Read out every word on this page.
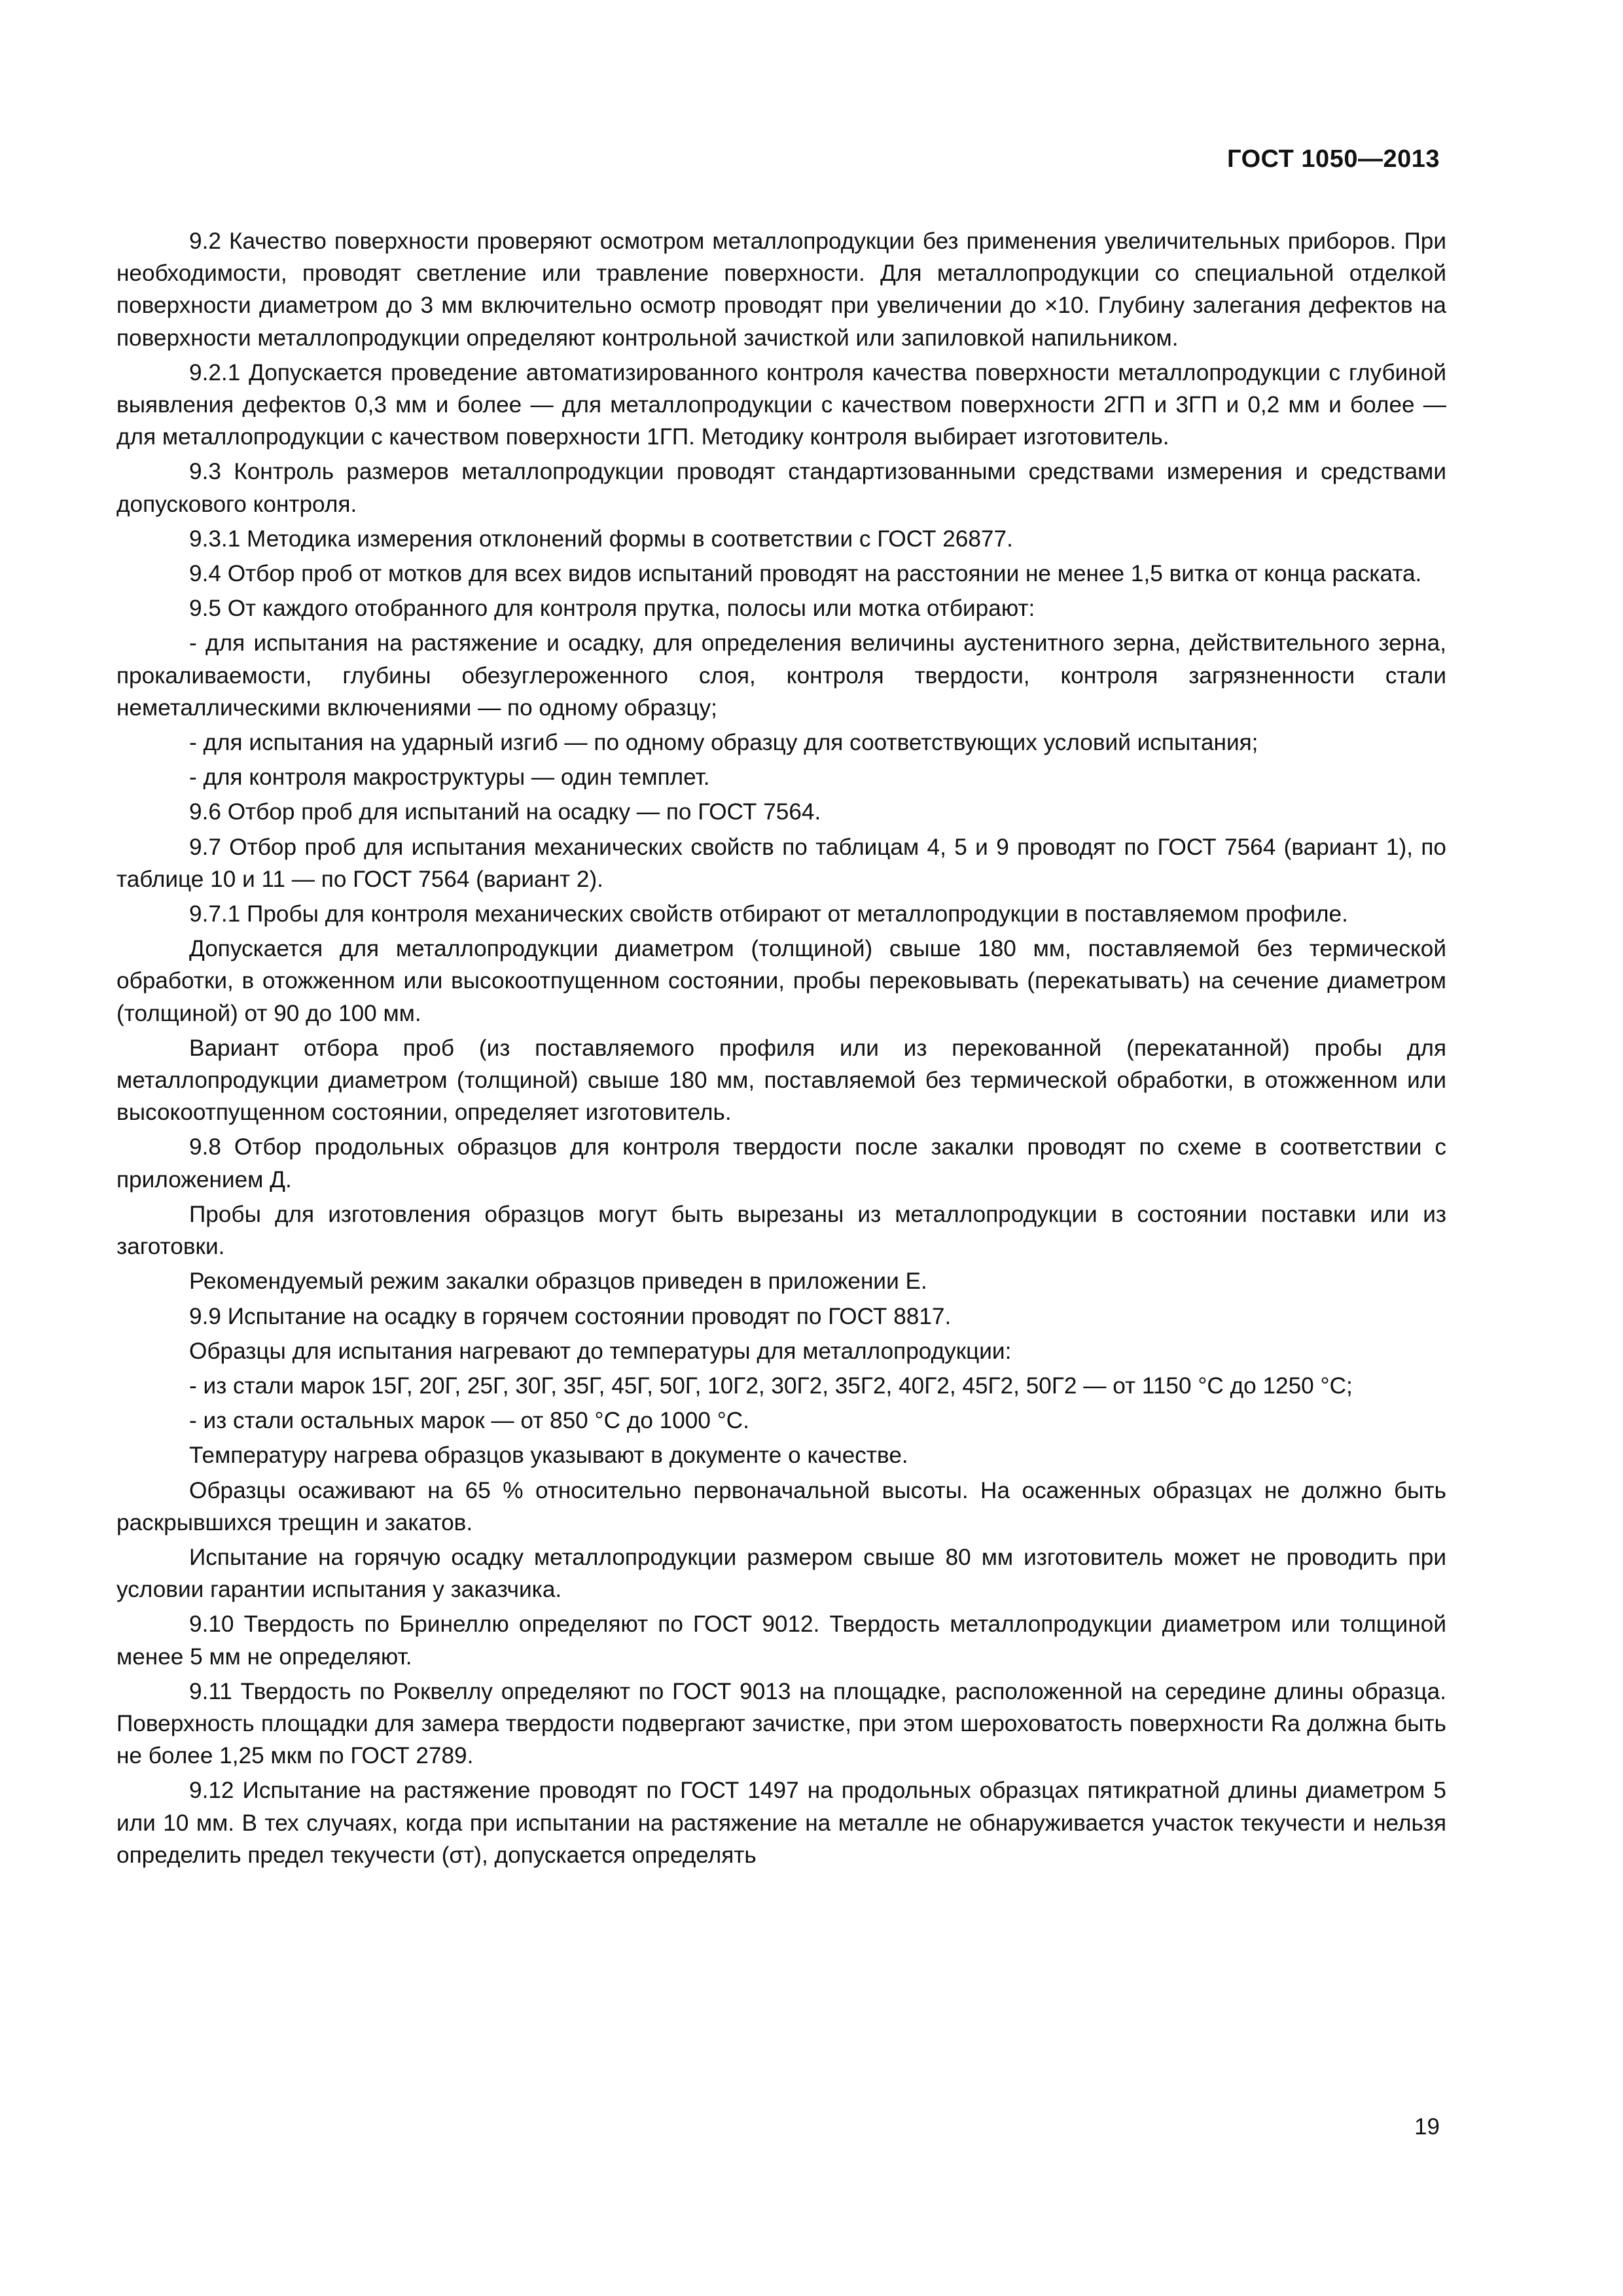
ГОСТ 1050—2013

9.2 Качество поверхности проверяют осмотром металлопродукции без применения увеличительных приборов. При необходимости, проводят светление или травление поверхности. Для металлопродукции со специальной отделкой поверхности диаметром до 3 мм включительно осмотр проводят при увеличении до ×10. Глубину залегания дефектов на поверхности металлопродукции определяют контрольной зачисткой или запиловкой напильником.

9.2.1 Допускается проведение автоматизированного контроля качества поверхности металлопродукции с глубиной выявления дефектов 0,3 мм и более — для металлопродукции с качеством поверхности 2ГП и 3ГП и 0,2 мм и более — для металлопродукции с качеством поверхности 1ГП. Методику контроля выбирает изготовитель.

9.3 Контроль размеров металлопродукции проводят стандартизованными средствами измерения и средствами допускового контроля.

9.3.1 Методика измерения отклонений формы в соответствии с ГОСТ 26877.

9.4 Отбор проб от мотков для всех видов испытаний проводят на расстоянии не менее 1,5 витка от конца раската.

9.5 От каждого отобранного для контроля прутка, полосы или мотка отбирают:

- для испытания на растяжение и осадку, для определения величины аустенитного зерна, действительного зерна, прокаливаемости, глубины обезуглероженного слоя, контроля твердости, контроля загрязненности стали неметаллическими включениями — по одному образцу;

- для испытания на ударный изгиб — по одному образцу для соответствующих условий испытания;

- для контроля макроструктуры — один темплет.

9.6 Отбор проб для испытаний на осадку — по ГОСТ 7564.

9.7 Отбор проб для испытания механических свойств по таблицам 4, 5 и 9 проводят по ГОСТ 7564 (вариант 1), по таблице 10 и 11 — по ГОСТ 7564 (вариант 2).

9.7.1 Пробы для контроля механических свойств отбирают от металлопродукции в поставляемом профиле.

Допускается для металлопродукции диаметром (толщиной) свыше 180 мм, поставляемой без термической обработки, в отожженном или высокоотпущенном состоянии, пробы перековывать (перекатывать) на сечение диаметром (толщиной) от 90 до 100 мм.

Вариант отбора проб (из поставляемого профиля или из перекованной (перекатанной) пробы для металлопродукции диаметром (толщиной) свыше 180 мм, поставляемой без термической обработки, в отожженном или высокоотпущенном состоянии, определяет изготовитель.

9.8 Отбор продольных образцов для контроля твердости после закалки проводят по схеме в соответствии с приложением Д.

Пробы для изготовления образцов могут быть вырезаны из металлопродукции в состоянии поставки или из заготовки.

Рекомендуемый режим закалки образцов приведен в приложении Е.

9.9 Испытание на осадку в горячем состоянии проводят по ГОСТ 8817.

Образцы для испытания нагревают до температуры для металлопродукции:

- из стали марок 15Г, 20Г, 25Г, 30Г, 35Г, 45Г, 50Г, 10Г2, 30Г2, 35Г2, 40Г2, 45Г2, 50Г2 — от 1150 °С до 1250 °С;

- из стали остальных марок — от 850 °С до 1000 °С.

Температуру нагрева образцов указывают в документе о качестве.

Образцы осаживают на 65 % относительно первоначальной высоты. На осаженных образцах не должно быть раскрывшихся трещин и закатов.

Испытание на горячую осадку металлопродукции размером свыше 80 мм изготовитель может не проводить при условии гарантии испытания у заказчика.

9.10 Твердость по Бринеллю определяют по ГОСТ 9012. Твердость металлопродукции диаметром или толщиной менее 5 мм не определяют.

9.11 Твердость по Роквеллу определяют по ГОСТ 9013 на площадке, расположенной на середине длины образца. Поверхность площадки для замера твердости подвергают зачистке, при этом шероховатость поверхности Ra должна быть не более 1,25 мкм по ГОСТ 2789.

9.12 Испытание на растяжение проводят по ГОСТ 1497 на продольных образцах пятикратной длины диаметром 5 или 10 мм. В тех случаях, когда при испытании на растяжение на металле не обнаруживается участок текучести и нельзя определить предел текучести (σт), допускается определять

19
